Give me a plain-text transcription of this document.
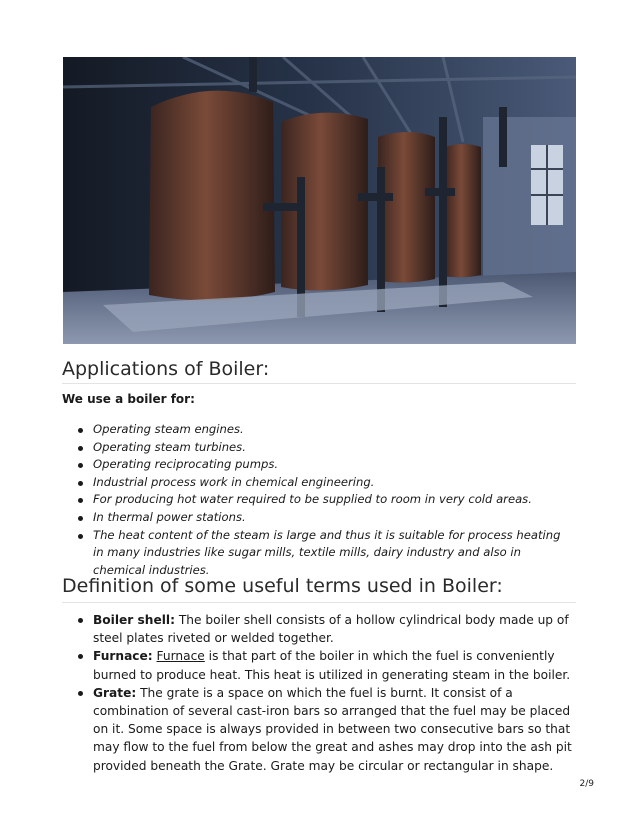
Applications of Boiler:

We use a boiler for:

Operating steam engines.
Operating steam turbines.
Operating reciprocating pumps.
Industrial process work in chemical engineering.
For producing hot water required to be supplied to room in very cold areas.
In thermal power stations.
The heat content of the steam is large and thus it is suitable for process heating in many industries like sugar mills, textile mills, dairy industry and also in chemical industries.
Definition of some useful terms used in Boiler:
Boiler shell: The boiler shell consists of a hollow cylindrical body made up of steel plates riveted or welded together.
Furnace: Furnace is that part of the boiler in which the fuel is conveniently burned to produce heat. This heat is utilized in generating steam in the boiler.
Grate: The grate is a space on which the fuel is burnt. It consist of a combination of several cast-iron bars so arranged that the fuel may be placed on it. Some space is always provided in between two consecutive bars so that may flow to the fuel from below the great and ashes may drop into the ash pit provided beneath the Grate. Grate may be circular or rectangular in shape.
2/9
